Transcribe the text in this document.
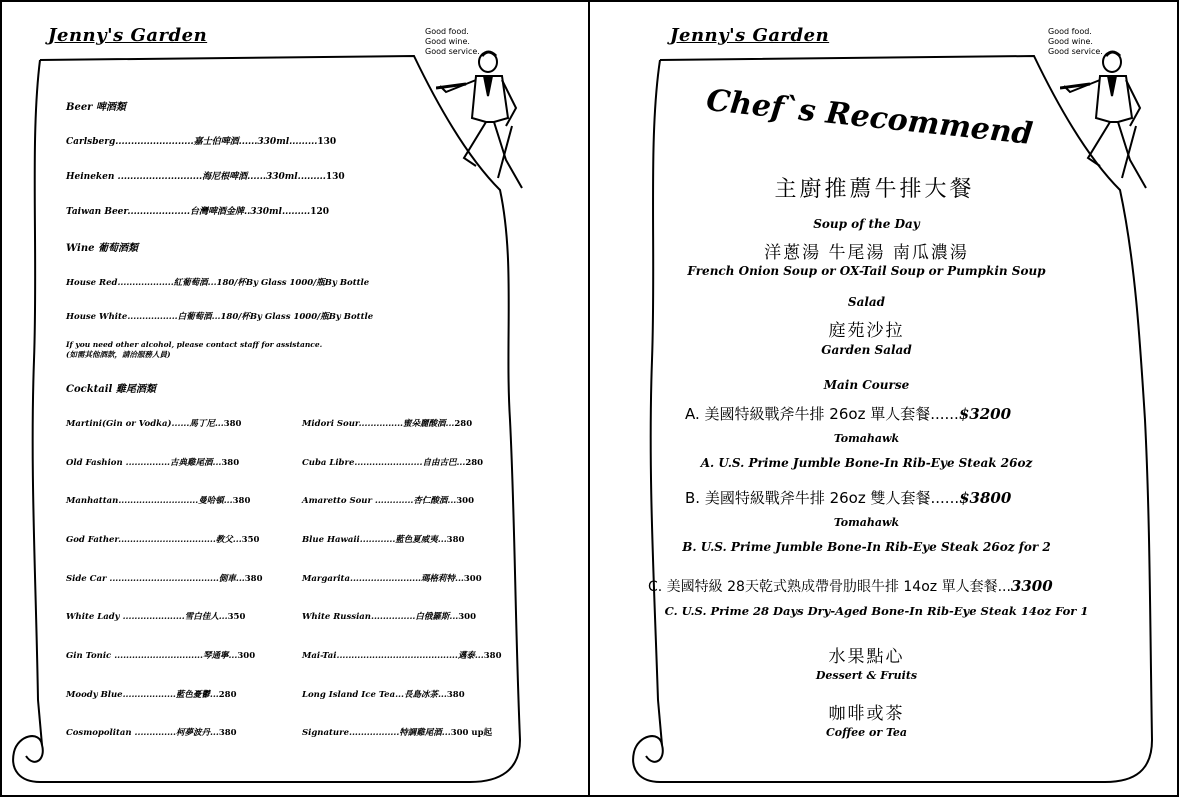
Jenny's Garden	Good food.
Good wine.
Good service.
Beer 啤酒類
Carlsberg.........................嘉士伯啤酒......330ml.........130
Heineken ...........................海尼根啤酒......330ml.........130
Taiwan Beer....................台灣啤酒金牌..330ml.........120
Wine 葡萄酒類
House Red...................紅葡萄酒...180/杯By Glass 1000/瓶By Bottle
House White.................白葡萄酒...180/杯By Glass 1000/瓶By Bottle
If you need other alcohol, please contact staff for assistance.
(如需其他酒款，請洽服務人員)
Cocktail 雞尾酒類
Martini(Gin or Vodka)......馬丁尼...380
Old Fashion ...............古典雞尾酒...380
Manhattan...........................曼哈頓...380
God Father.................................教父...350
Side Car .....................................側車...380
White Lady .....................雪白佳人...350
Gin Tonic ..............................琴通寧...300
Moody Blue..................藍色憂鬱...280
Cosmopolitan ..............柯夢波丹...380
Midori Sour...............蜜朵麗酸酒...280
Cuba Libre.......................自由古巴...280
Amaretto Sour .............杏仁酸酒...300
Blue Hawaii............藍色夏威夷...380
Margarita........................瑪格莉特...300
White Russian...............白俄羅斯...300
Mai-Tai.........................................邁泰...380
Long Island Ice Tea...長島冰茶...380
Signature.................特調雞尾酒...300 up起
Jenny's Garden	Good food.
Good wine.
Good service.
Chef`s Recommend
主廚推薦牛排大餐
Soup of the Day
洋蔥湯 牛尾湯 南瓜濃湯
French Onion Soup or OX-Tail Soup or Pumpkin Soup
Salad
庭苑沙拉
Garden Salad
Main Course
A. 美國特級戰斧牛排 26oz 單人套餐......$3200
Tomahawk
A. U.S. Prime Jumble Bone-In Rib-Eye Steak 26oz
B. 美國特級戰斧牛排 26oz 雙人套餐......$3800
Tomahawk
B. U.S. Prime Jumble Bone-In Rib-Eye Steak 26oz for 2
C. 美國特級 28天乾式熟成帶骨肋眼牛排 14oz 單人套餐...3300
C. U.S. Prime 28 Days Dry-Aged Bone-In Rib-Eye Steak 14oz For 1
水果點心
Dessert & Fruits
咖啡或茶
Coffee or Tea
